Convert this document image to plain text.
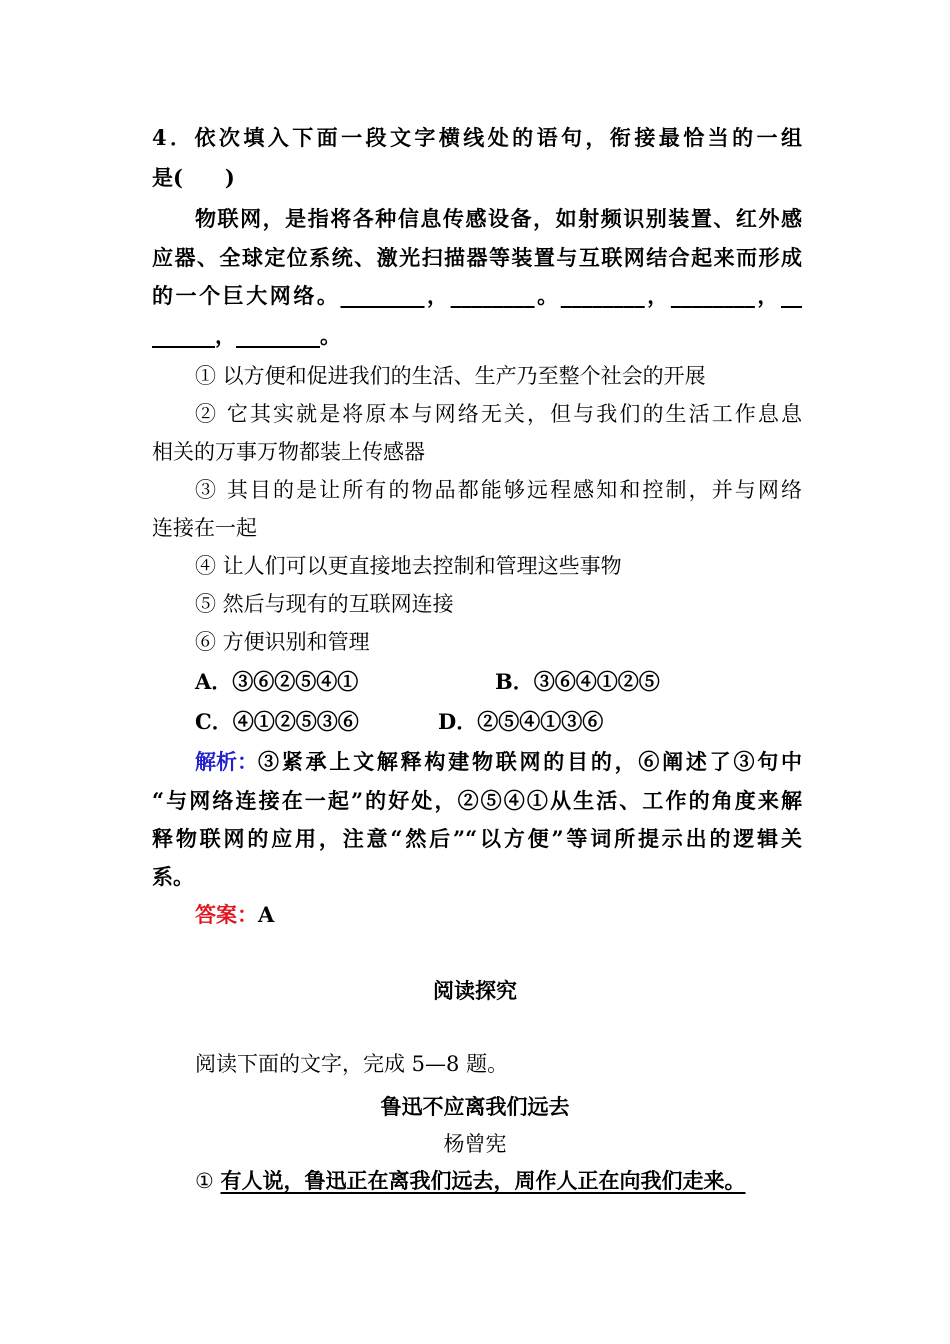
4．依次填入下面一段文字横线处的语句，衔接最恰当的一组
是(　　)
物联网，是指将各种信息传感设备，如射频识别装置、红外感
应器、全球定位系统、激光扫描器等装置与互联网结合起来而形成
的一个巨大网络。________，________。________，________，__
______，________。
① 以方便和促进我们的生活、生产乃至整个社会的开展
② 它其实就是将原本与网络无关，但与我们的生活工作息息
相关的万事万物都装上传感器
③ 其目的是让所有的物品都能够远程感知和控制，并与网络
连接在一起
④ 让人们可以更直接地去控制和管理这些事物
⑤ 然后与现有的互联网连接
⑥ 方便识别和管理
A．③⑥②⑤④①	B．③⑥④①②⑤
C．④①②⑤③⑥	D．②⑤④①③⑥
解析： ③紧承上文解释构建物联网的目的，⑥阐述了③句中
“与网络连接在一起”的好处，②⑤④①从生活、工作的角度来解
释物联网的应用，注意“然后”“以方便”等词所提示出的逻辑关
系。
答案：A
阅读探究
阅读下面的文字，完成 5—8 题。
鲁迅不应离我们远去
杨曾宪
① 有人说，鲁迅正在离我们远去，周作人正在向我们走来。
